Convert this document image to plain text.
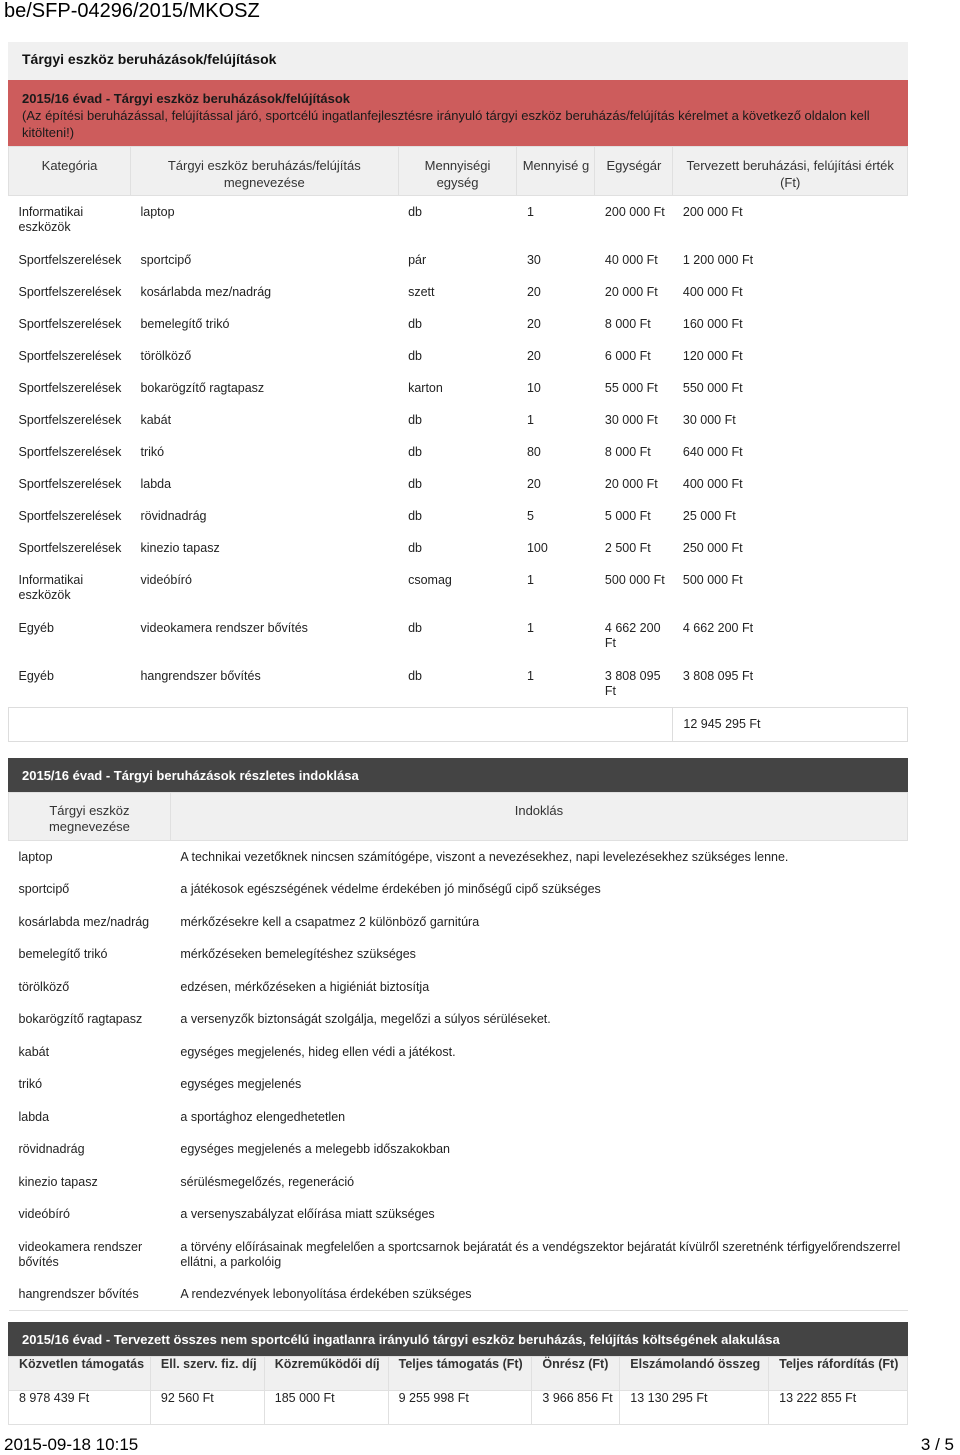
be/SFP-04296/2015/MKOSZ
Tárgyi eszköz beruházások/felújítások
2015/16 évad - Tárgyi eszköz beruházások/felújítások
(Az építési beruházással, felújítással járó, sportcélú ingatlanfejlesztésre irányuló tárgyi eszköz beruházás/felújítás kérelmet a következő oldalon kell kitölteni!)
Kategória	Tárgyi eszköz beruházás/felújítás megnevezése	Mennyiségi egység	Mennyisé g	Egységár	Tervezett beruházási, felújítási érték (Ft)
Informatikai eszközök	laptop	db	1	200 000 Ft	200 000 Ft
Sportfelszerelések	sportcipő	pár	30	40 000 Ft	1 200 000 Ft
Sportfelszerelések	kosárlabda mez/nadrág	szett	20	20 000 Ft	400 000 Ft
Sportfelszerelések	bemelegítő trikó	db	20	8 000 Ft	160 000 Ft
Sportfelszerelések	törölköző	db	20	6 000 Ft	120 000 Ft
Sportfelszerelések	bokarögzítő ragtapasz	karton	10	55 000 Ft	550 000 Ft
Sportfelszerelések	kabát	db	1	30 000 Ft	30 000 Ft
Sportfelszerelések	trikó	db	80	8 000 Ft	640 000 Ft
Sportfelszerelések	labda	db	20	20 000 Ft	400 000 Ft
Sportfelszerelések	rövidnadrág	db	5	5 000 Ft	25 000 Ft
Sportfelszerelések	kinezio tapasz	db	100	2 500 Ft	250 000 Ft
Informatikai eszközök	videóbíró	csomag	1	500 000 Ft	500 000 Ft
Egyéb	videokamera rendszer bővítés	db	1	4 662 200 Ft	4 662 200 Ft
Egyéb	hangrendszer bővítés	db	1	3 808 095 Ft	3 808 095 Ft
					12 945 295 Ft
2015/16 évad - Tárgyi beruházások részletes indoklása
Tárgyi eszköz megnevezése	Indoklás
laptop	A technikai vezetőknek nincsen számítógépe, viszont a nevezésekhez, napi levelezésekhez szükséges lenne.
sportcipő	a játékosok egészségének védelme érdekében jó minőségű cipő szükséges
kosárlabda mez/nadrág	mérkőzésekre kell a csapatmez 2 különböző garnitúra
bemelegítő trikó	mérkőzéseken bemelegítéshez szükséges
törölköző	edzésen, mérkőzéseken a higiéniát biztosítja
bokarögzítő ragtapasz	a versenyzők biztonságát szolgálja, megelőzi a súlyos sérüléseket.
kabát	egységes megjelenés, hideg ellen védi a játékost.
trikó	egységes megjelenés
labda	a sportághoz elengedhetetlen
rövidnadrág	egységes megjelenés a melegebb időszakokban
kinezio tapasz	sérülésmegelőzés, regeneráció
videóbíró	a versenyszabályzat előírása miatt szükséges
videokamera rendszer bővítés	a törvény előírásainak megfelelően a sportcsarnok bejáratát és a vendégszektor bejáratát kívülről szeretnénk térfigyelőrendszerrel ellátni, a parkolóig
hangrendszer bővítés	A rendezvények lebonyolítása érdekében szükséges
2015/16 évad - Tervezett összes nem sportcélú ingatlanra irányuló tárgyi eszköz beruházás, felújítás költségének alakulása
Közvetlen támogatás	Ell. szerv. fiz. díj	Közreműködői díj	Teljes támogatás (Ft)	Önrész (Ft)	Elszámolandó összeg	Teljes ráfordítás (Ft)
8 978 439 Ft	92 560 Ft	185 000 Ft	9 255 998 Ft	3 966 856 Ft	13 130 295 Ft	13 222 855 Ft
2015-09-18 10:15	3 / 5
